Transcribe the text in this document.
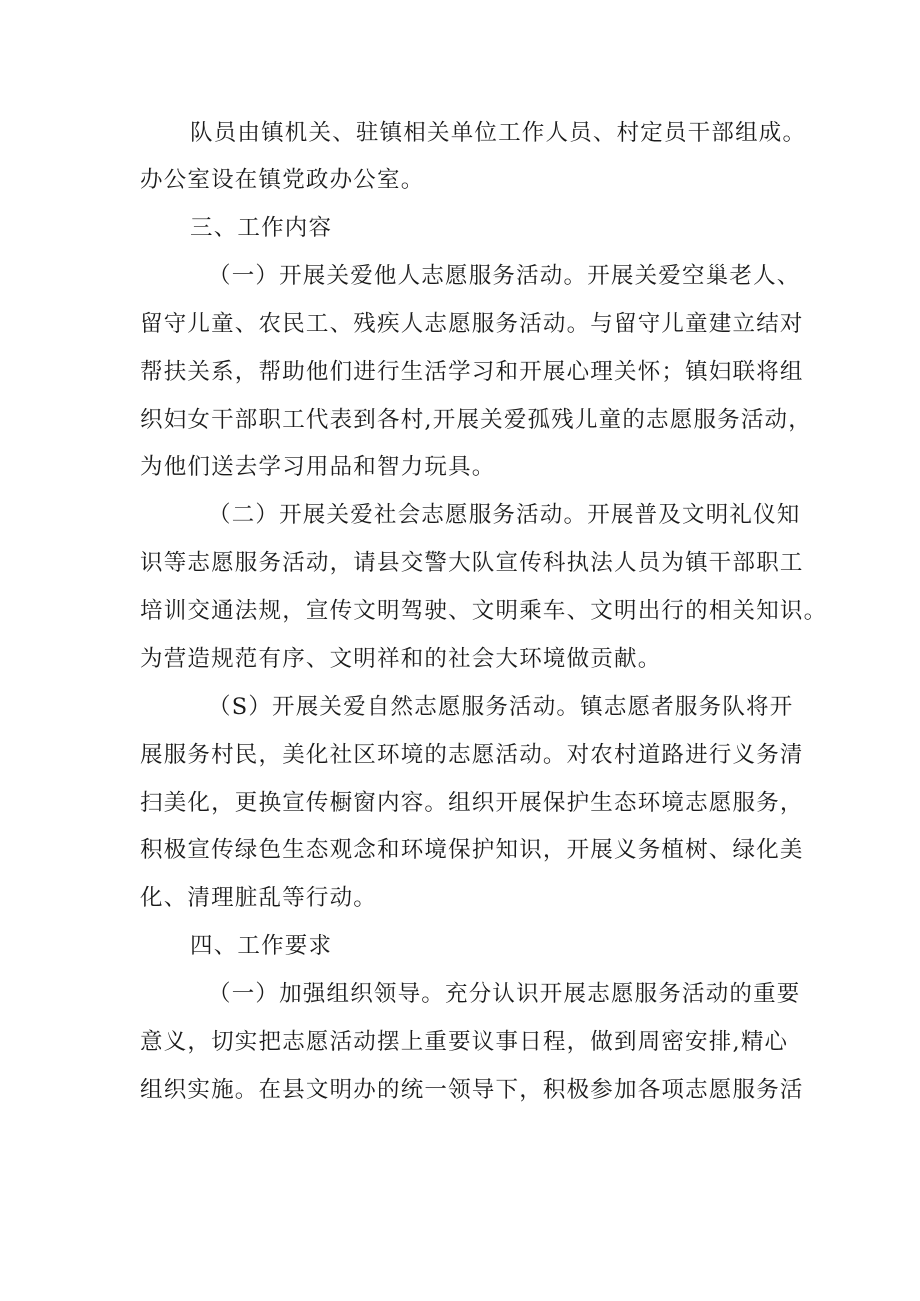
队员由镇机关、驻镇相关单位工作人员、村定员干部组成。

办公室设在镇党政办公室。

三、工作内容

（一）开展关爱他人志愿服务活动。开展关爱空巢老人、

留守儿童、农民工、残疾人志愿服务活动。与留守儿童建立结对

帮扶关系，帮助他们进行生活学习和开展心理关怀；镇妇联将组

织妇女干部职工代表到各村,开展关爱孤残儿童的志愿服务活动，

为他们送去学习用品和智力玩具。

（二）开展关爱社会志愿服务活动。开展普及文明礼仪知

识等志愿服务活动，请县交警大队宣传科执法人员为镇干部职工

培训交通法规，宣传文明驾驶、文明乘车、文明出行的相关知识。

为营造规范有序、文明祥和的社会大环境做贡献。

（S）开展关爱自然志愿服务活动。镇志愿者服务队将开

展服务村民，美化社区环境的志愿活动。对农村道路进行义务清

扫美化，更换宣传橱窗内容。组织开展保护生态环境志愿服务，

积极宣传绿色生态观念和环境保护知识，开展义务植树、绿化美

化、清理脏乱等行动。

四、工作要求

（一）加强组织领导。充分认识开展志愿服务活动的重要

意义，切实把志愿活动摆上重要议事日程，做到周密安排,精心

组织实施。在县文明办的统一领导下，积极参加各项志愿服务活
